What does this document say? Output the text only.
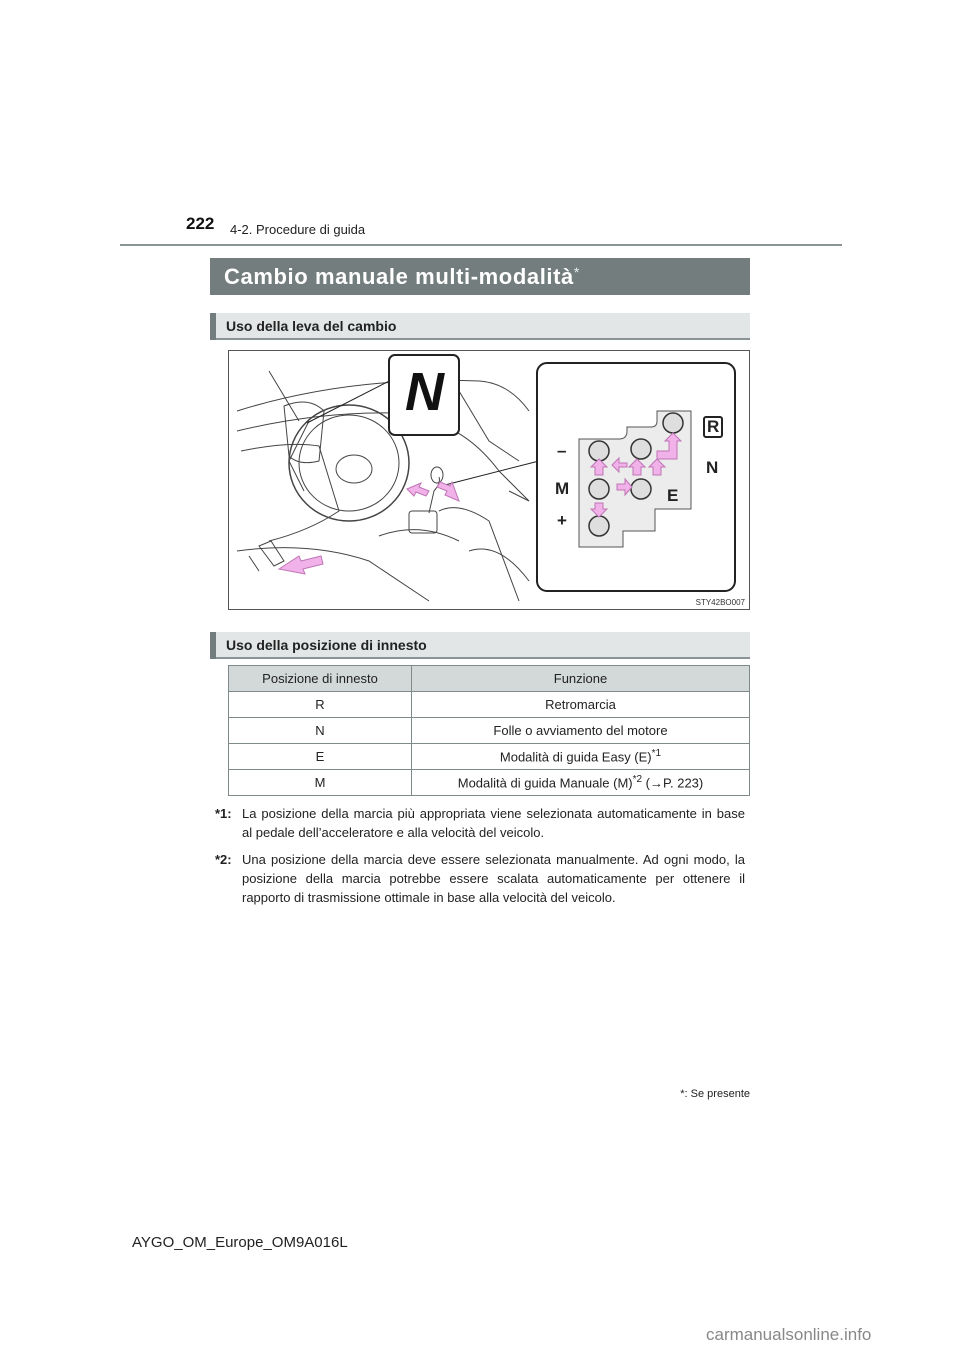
222 4-2. Procedure di guida
Cambio manuale multi-modalità*
Uso della leva del cambio
N
R
N
E
M
–
+
STY42BO007
Uso della posizione di innesto
Posizione di innesto	Funzione
R	Retromarcia
N	Folle o avviamento del motore
E	Modalità di guida Easy $(E)^{*1}$
M	Modalità di guida Manuale $(M)^{*2}$ (→P. 223)
*1: La posizione della marcia più appropriata viene selezionata automaticamente in base al pedale dell’acceleratore e alla velocità del veicolo.
*2: Una posizione della marcia deve essere selezionata manualmente. Ad ogni modo, la posizione della marcia potrebbe essere scalata automaticamente per ottenere il rapporto di trasmissione ottimale in base alla velocità del veicolo.
*: Se presente
AYGO_OM_Europe_OM9A016L
carmanualsonline.info
